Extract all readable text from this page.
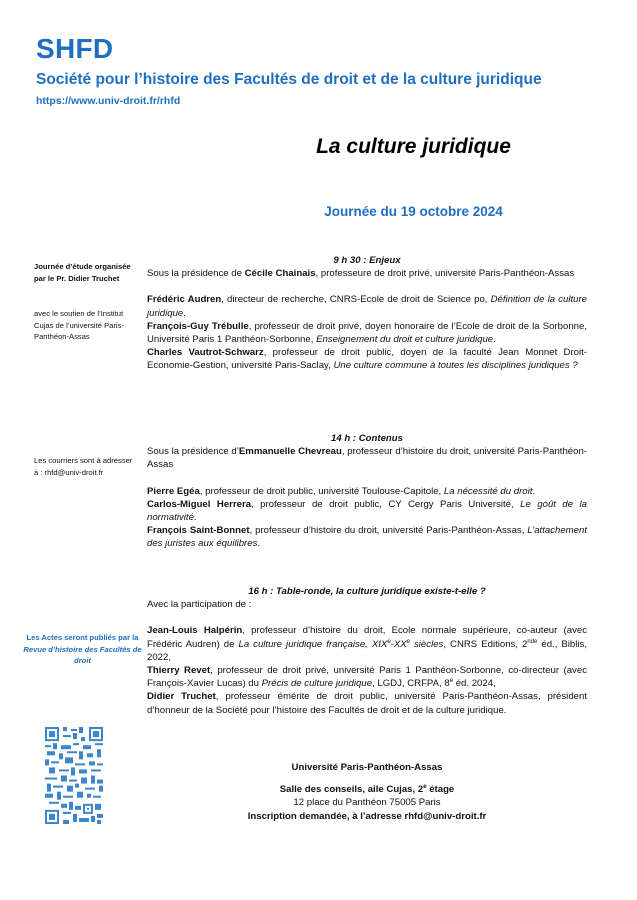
SHFD
Société pour l’histoire des Facultés de droit et de la culture juridique
https://www.univ-droit.fr/rhfd
La culture juridique
Journée du 19 octobre 2024
Journée d’étude organisée par le Pr. Didier Truchet
avec le soutien de l’Institut Cujas de l’université Paris-Panthéon-Assas
Les courriers sont à adresser à : rhfd@univ-droit.fr
Les Actes seront publiés par la Revue d’histoire des Facultés de droit
9 h 30 : Enjeux

Sous la présidence de Cécile Chainais, professeure de droit privé, université Paris-Panthéon-Assas

Frédéric Audren, directeur de recherche, CNRS-Ecole de droit de Science po, Définition de la culture juridique.

François-Guy Trébulle, professeur de droit privé, doyen honoraire de l’Ecole de droit de la Sorbonne, Université Paris 1 Panthéon-Sorbonne, Enseignement du droit et culture juridique.

Charles Vautrot-Schwarz, professeur de droit public, doyen de la faculté Jean Monnet Droit-Economie-Gestion, université Paris-Saclay, Une culture commune à toutes les disciplines juridiques ?

14 h : Contenus

Sous la présidence d’Emmanuelle Chevreau, professeur d’histoire du droit, université Paris-Panthéon-Assas

Pierre Egéa, professeur de droit public, université Toulouse-Capitole, La nécessité du droit.

Carlos-Miguel Herrera, professeur de droit public, CY Cergy Paris Université, Le goût de la normativité.

François Saint-Bonnet, professeur d’histoire du droit, université Paris-Panthéon-Assas, L’attachement des juristes aux équilibres.

16 h : Table-ronde, la culture juridique existe-t-elle ?

Avec la participation de :

Jean-Louis Halpérin, professeur d’histoire du droit, Ecole normale supérieure, co-auteur (avec Frédéric Audren) de La culture juridique française, XIXe-XXe siècles, CNRS Editions, 2nde éd., Biblis, 2022,

Thierry Revet, professeur de droit privé, université Paris 1 Panthéon-Sorbonne, co-directeur (avec François-Xavier Lucas) du Précis de culture juridique, LGDJ, CRFPA, 8e éd. 2024,

Didier Truchet, professeur émérite de droit public, université Paris-Panthéon-Assas, président d’honneur de la Société pour l’histoire des Facultés de droit et de la culture juridique.

Université Paris-Panthéon-Assas
Salle des conseils, aile Cujas, 2e étage
12 place du Panthéon 75005 Paris
Inscription demandée, à l’adresse rhfd@univ-droit.fr
